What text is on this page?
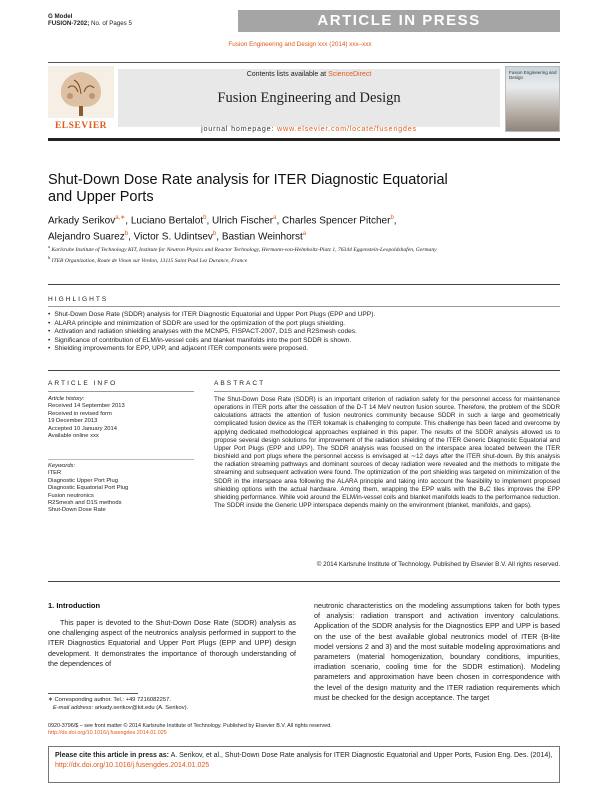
G Model
FUSION-7202; No. of Pages 5	ARTICLE IN PRESS
Fusion Engineering and Design xxx (2014) xxx–xxx
ELSEVIER
Contents lists available at ScienceDirect
Fusion Engineering and Design
journal homepage: www.elsevier.com/locate/fusengdes
Fusion Engineering and Design
Shut-Down Dose Rate analysis for ITER Diagnostic Equatorial and Upper Ports
Arkady Serikov$^{a,∗}$, Luciano Bertalot$^b$, Ulrich Fischer$^a$, Charles Spencer Pitcher$^b$,
Alejandro Suarez$^b$, Victor S. Udintsev$^b$, Bastian Weinhorst$^a$
$^a$ Karlsruhe Institute of Technology KIT, Institute for Neutron Physics and Reactor Technology, Hermann-von-Helmholtz-Platz 1, 76344 Eggenstein-Leopoldshafen, Germany
$^b$ ITER Organization, Route de Vinon sur Verdon, 13115 Saint Paul Lez Durance, France
HIGHLIGHTS
• Shut-Down Dose Rate (SDDR) analysis for ITER Diagnostic Equatorial and Upper Port Plugs (EPP and UPP).
• ALARA principle and minimization of SDDR are used for the optimization of the port plugs shielding.
• Activation and radiation shielding analyses with the MCNP5, FISPACT-2007, D1S and R2Smesh codes.
• Significance of contribution of ELM/in-vessel coils and blanket manifolds into the port SDDR is shown.
• Shielding improvements for EPP, UPP, and adjacent ITER components were proposed.
ARTICLE INFO	ABSTRACT
Article history:
Received 14 September 2013
Received in revised form
19 December 2013
Accepted 10 January 2014
Available online xxx
Keywords:
ITER
Diagnostic Upper Port Plug
Diagnostic Equatorial Port Plug
Fusion neutronics
R2Smesh and D1S methods
Shut-Down Dose Rate
The Shut-Down Dose Rate (SDDR) is an important criterion of radiation safety for the personnel access for maintenance operations in ITER ports after the cessation of the D-T 14 MeV neutron fusion source. Therefore, the problem of the SDDR calculations attracts the attention of fusion neutronics community because SDDR in such a large and geometrically complicated fusion device as the ITER tokamak is challenging to compute. This challenge has been faced and overcome by applying dedicated methodological approaches explained in this paper. The results of the SDDR analysis allowed us to propose several design solutions for improvement of the radiation shielding of the ITER Generic Diagnostic Equatorial and Upper Port Plugs (EPP and UPP). The SDDR analysis was focused on the interspace area located between the ITER bioshield and port plugs where the personnel access is envisaged at ∼12 days after the ITER shut-down. By this analysis the radiation streaming pathways and dominant sources of decay radiation were revealed and the methods to mitigate the streaming and subsequent activation were found. The optimization of the port shielding was targeted on minimization of the SDDR in the interspace area following the ALARA principle and taking into account the feasibility to implement proposed shielding options with the actual hardware. Among them, wrapping the EPP walls with the B₄C tiles improves the EPP shielding performance. While void around the ELM/in-vessel coils and blanket manifolds leads to the performance reduction. The SDDR inside the Generic UPP interspace depends mainly on the environment (blanket, manifolds, and gaps).
© 2014 Karlsruhe Institute of Technology. Published by Elsevier B.V. All rights reserved.
1. Introduction
This paper is devoted to the Shut-Down Dose Rate (SDDR) analysis as one challenging aspect of the neutronics analysis performed in support to the ITER Diagnostics Equatorial and Upper Port Plugs (EPP and UPP) design development. It demonstrates the importance of thorough understanding of the dependences of
neutronic characteristics on the modeling assumptions taken for both types of analysis: radiation transport and activation inventory calculations. Application of the SDDR analysis for the Diagnostics EPP and UPP is based on the use of the best available global neutronics model of ITER (B-lite model versions 2 and 3) and the most suitable modeling approximations and parameters (material homogenization, boundary conditions, impurities, irradiation scenario, cooling time for the SDDR estimation). Modeling parameters and approximation have been chosen in correspondence with the level of the design maturity and the ITER radiation requirements which must be checked for the design acceptance. The target
∗ Corresponding author. Tel.: +49 7216082257.
E-mail address: arkady.serikov@kit.edu (A. Serikov).
0920-3796/$ – see front matter © 2014 Karlsruhe Institute of Technology. Published by Elsevier B.V. All rights reserved.
http://dx.doi.org/10.1016/j.fusengdes.2014.01.025
Please cite this article in press as: A. Serikov, et al., Shut-Down Dose Rate analysis for ITER Diagnostic Equatorial and Upper Ports, Fusion Eng. Des. (2014), http://dx.doi.org/10.1016/j.fusengdes.2014.01.025
